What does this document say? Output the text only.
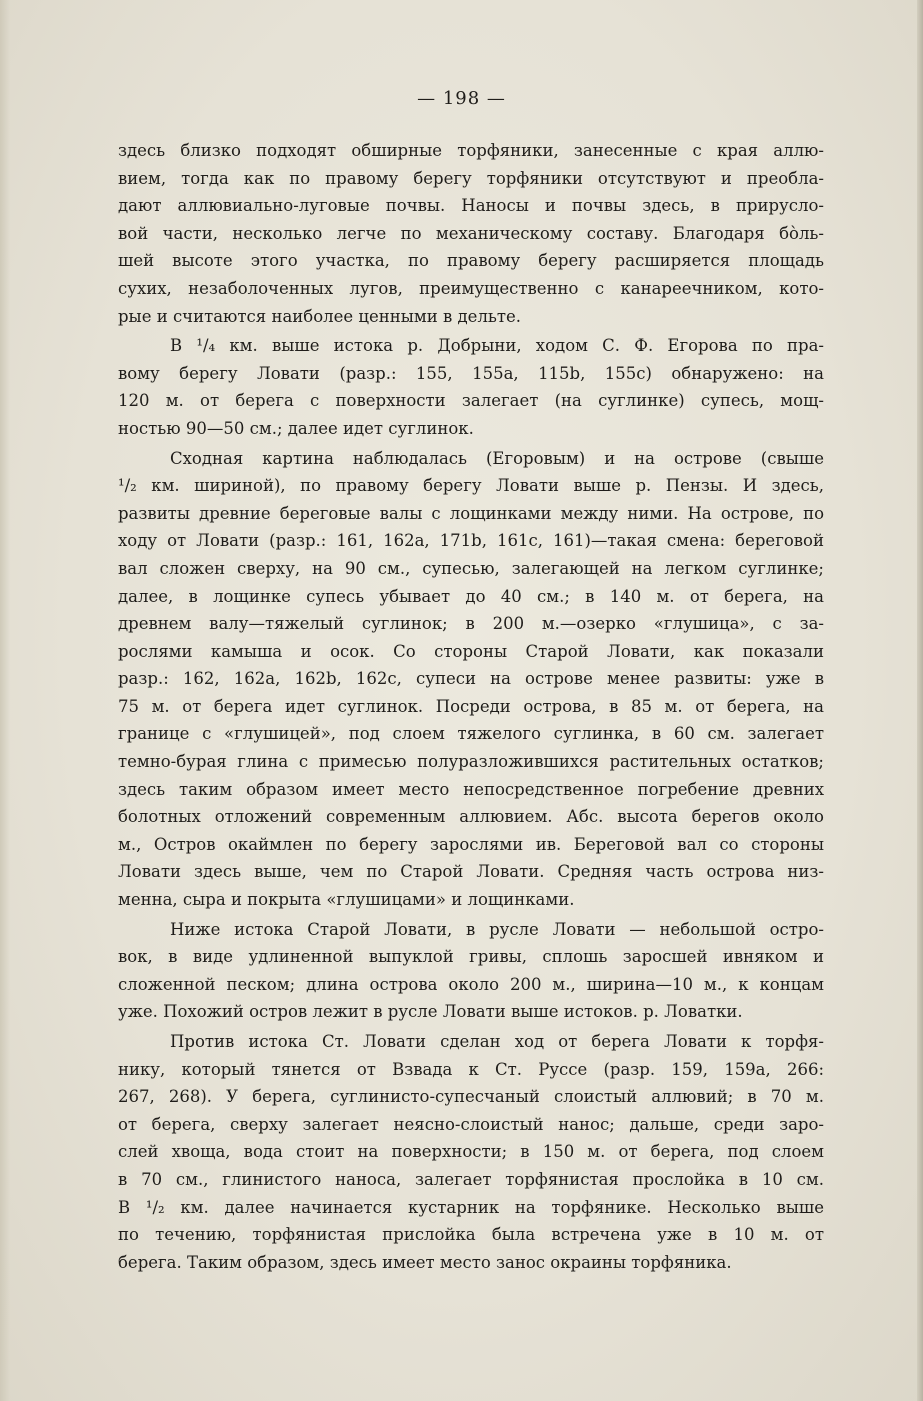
— 198 —

здесь близко подходят обширные торфяники, занесенные с края аллю-
вием, тогда как по правому берегу торфяники отсутствуют и преобла-
дают аллювиально-луговые почвы. Наносы и почвы здесь, в прирусло-
вой части, несколько легче по механическому составу. Благодаря бо̀ль-
шей высоте этого участка, по правому берегу расширяется площадь
сухих, незаболоченных лугов, преимущественно с канареечником, кото-
рые и считаются наиболее ценными в дельте.

В ¹/₄ км. выше истока р. Добрыни, ходом С. Ф. Егорова по пра-
вому берегу Ловати (разр.: 155, 155a, 115b, 155c) обнаружено: на
120 м. от берега с поверхности залегает (на суглинке) супесь, мощ-
ностью 90—50 см.; далее идет суглинок.

Сходная картина наблюдалась (Егоровым) и на острове (свыше
¹/₂ км. шириной), по правому берегу Ловати выше р. Пензы. И здесь,
развиты древние береговые валы с лощинками между ними. На острове, по
ходу от Ловати (разр.: 161, 162a, 171b, 161c, 161)—такая смена: береговой
вал сложен сверху, на 90 см., супесью, залегающей на легком суглинке;
далее, в лощинке супесь убывает до 40 см.; в 140 м. от берега, на
древнем валу—тяжелый суглинок; в 200 м.—озерко «глушица», с за-
рослями камыша и осок. Со стороны Старой Ловати, как показали
разр.: 162, 162a, 162b, 162c, супеси на острове менее развиты: уже в
75 м. от берега идет суглинок. Посреди острова, в 85 м. от берега, на
границе с «глушицей», под слоем тяжелого суглинка, в 60 см. залегает
темно-бурая глина с примесью полуразложившихся растительных остатков;
здесь таким образом имеет место непосредственное погребение древних
болотных отложений современным аллювием. Абс. высота берегов около
м., Остров окаймлен по берегу зарослями ив. Береговой вал со стороны
Ловати здесь выше, чем по Старой Ловати. Средняя часть острова низ-
менна, сыра и покрыта «глушицами» и лощинками.

Ниже истока Старой Ловати, в русле Ловати — небольшой остро-
вок, в виде удлиненной выпуклой гривы, сплошь заросшей ивняком и
сложенной песком; длина острова около 200 м., ширина—10 м., к концам
уже. Похожий остров лежит в русле Ловати выше истоков. р. Ловатки.

Против истока Ст. Ловати сделан ход от берега Ловати к торфя-
нику, который тянется от Взвада к Ст. Руссе (разр. 159, 159a, 266:
267, 268). У берега, суглинисто-супесчаный слоистый аллювий; в 70 м.
от берега, сверху залегает неясно-слоистый нанос; дальше, среди заро-
слей хвоща, вода стоит на поверхности; в 150 м. от берега, под слоем
в 70 см., глинистого наноса, залегает торфянистая прослойка в 10 см.
В ¹/₂ км. далее начинается кустарник на торфянике. Несколько выше
по течению, торфянистая прислойка была встречена уже в 10 м. от
берега. Таким образом, здесь имеет место занос окраины торфяника.
